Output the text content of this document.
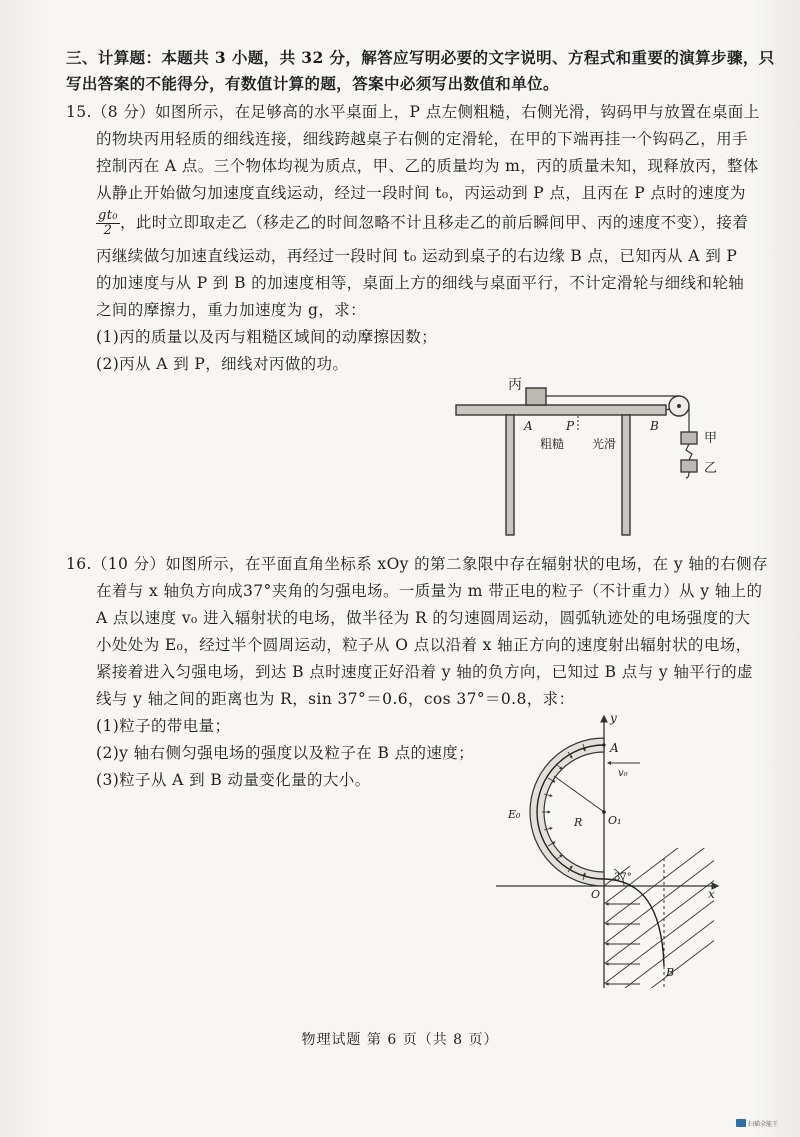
三、计算题：本题共 3 小题，共 32 分，解答应写明必要的文字说明、方程式和重要的演算步骤，只
写出答案的不能得分，有数值计算的题，答案中必须写出数值和单位。
15.（8 分）如图所示，在足够高的水平桌面上，P 点左侧粗糙，右侧光滑，钩码甲与放置在桌面上
的物块丙用轻质的细线连接，细线跨越桌子右侧的定滑轮，在甲的下端再挂一个钩码乙，用手
控制丙在 A 点。三个物体均视为质点，甲、乙的质量均为 m，丙的质量未知，现释放丙，整体
从静止开始做匀加速度直线运动，经过一段时间 t₀，丙运动到 P 点，且丙在 P 点时的速度为
$\frac{\text{gt₀}}{2}$ ，此时立即取走乙（移走乙的时间忽略不计且移走乙的前后瞬间甲、丙的速度不变），接着
丙继续做匀加速直线运动，再经过一段时间 t₀ 运动到桌子的右边缘 B 点，已知丙从 A 到 P
的加速度与从 P 到 B 的加速度相等，桌面上方的细线与桌面平行，不计定滑轮与细线和轮轴
之间的摩擦力，重力加速度为 g，求：
(1)丙的质量以及丙与粗糙区域间的动摩擦因数；
(2)丙从 A 到 P，细线对丙做的功。
丙
甲
乙
A	P	B
粗糙 光滑
16.（10 分）如图所示，在平面直角坐标系 xOy 的第二象限中存在辐射状的电场，在 y 轴的右侧存
在着与 x 轴负方向成37°夹角的匀强电场。一质量为 m 带正电的粒子（不计重力）从 y 轴上的
A 点以速度 v₀ 进入辐射状的电场，做半径为 R 的匀速圆周运动，圆弧轨迹处的电场强度的大
小处处为 E₀，经过半个圆周运动，粒子从 O 点以沿着 x 轴正方向的速度射出辐射状的电场，
紧接着进入匀强电场，到达 B 点时速度正好沿着 y 轴的负方向，已知过 B 点与 y 轴平行的虚
线与 y 轴之间的距离也为 R，sin 37°＝0.6，cos 37°＝0.8，求：
(1)粒子的带电量；
(2)y 轴右侧匀强电场的强度以及粒子在 B 点的速度；
(3)粒子从 A 到 B 动量变化量的大小。
y
x
R O₁
E₀
A
v₀
O
37°
B
物理试题 第 6 页（共 8 页）
扫描全能王
